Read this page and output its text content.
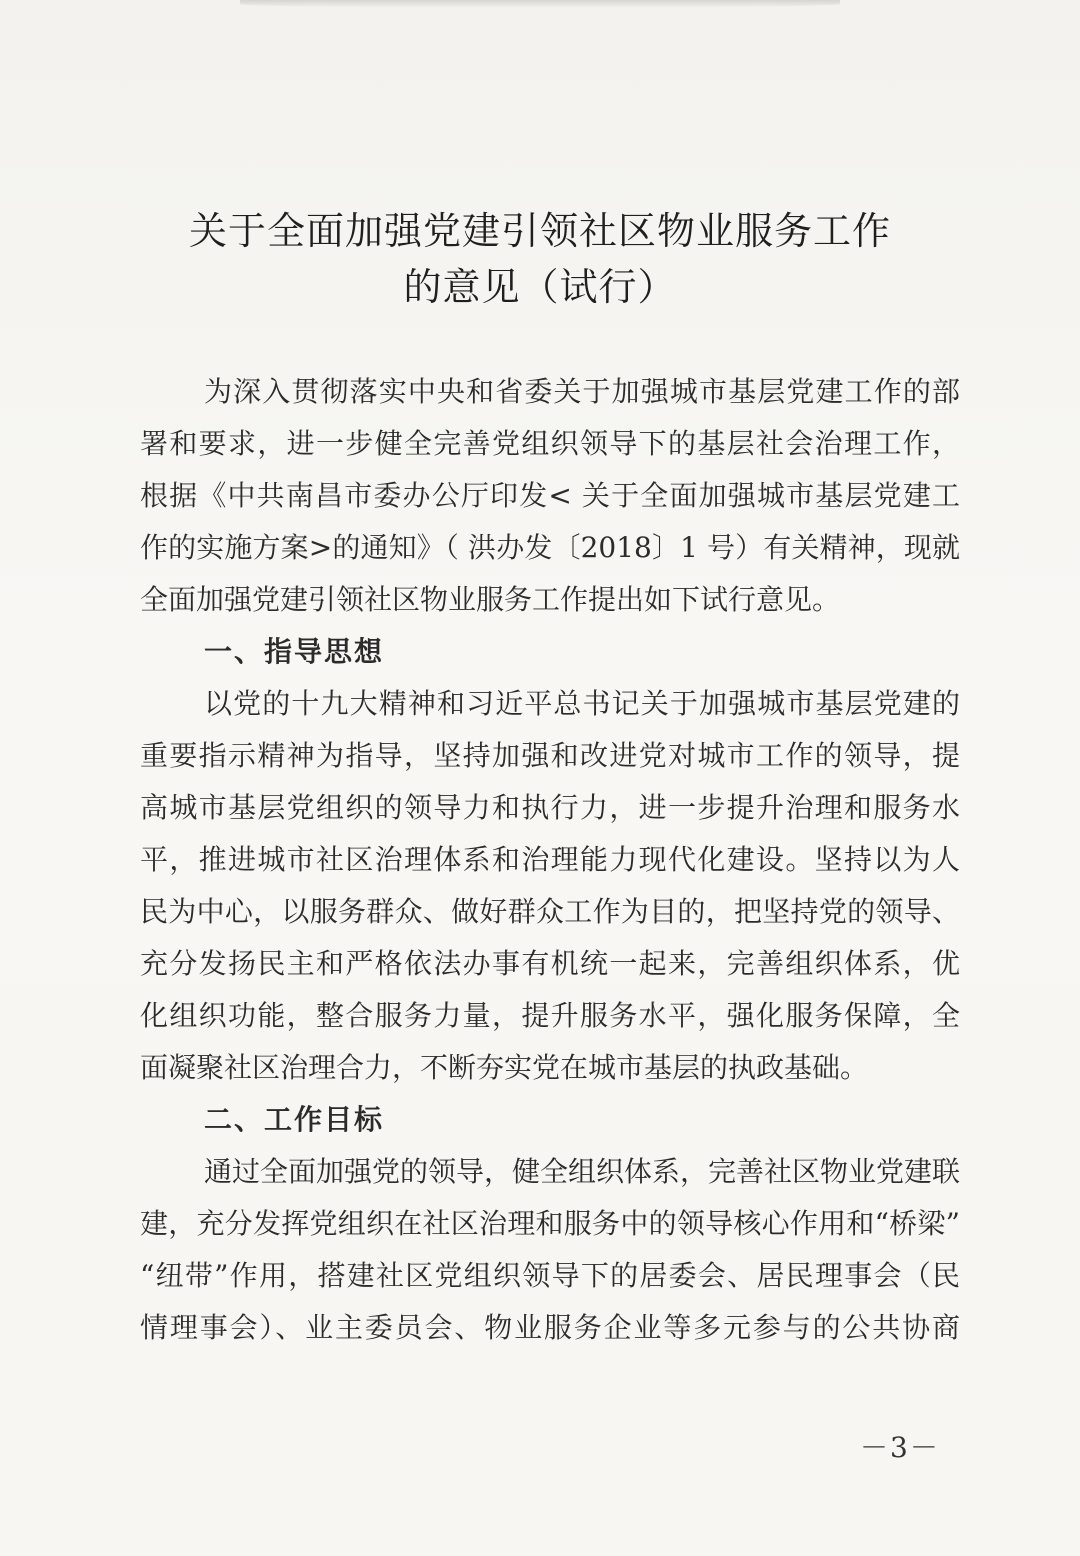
关于全面加强党建引领社区物业服务工作
的意见（试行）
为深入贯彻落实中央和省委关于加强城市基层党建工作的部
署和要求，进一步健全完善党组织领导下的基层社会治理工作，
根据《中共南昌市委办公厅印发< 关于全面加强城市基层党建工
作的实施方案>的通知》（ 洪办发〔2018〕1 号）有关精神，现就
全面加强党建引领社区物业服务工作提出如下试行意见。
一、指导思想
以党的十九大精神和习近平总书记关于加强城市基层党建的
重要指示精神为指导，坚持加强和改进党对城市工作的领导，提
高城市基层党组织的领导力和执行力，进一步提升治理和服务水
平，推进城市社区治理体系和治理能力现代化建设。坚持以为人
民为中心，以服务群众、做好群众工作为目的，把坚持党的领导、
充分发扬民主和严格依法办事有机统一起来，完善组织体系，优
化组织功能，整合服务力量，提升服务水平，强化服务保障，全
面凝聚社区治理合力，不断夯实党在城市基层的执政基础。
二、工作目标
通过全面加强党的领导，健全组织体系，完善社区物业党建联
建，充分发挥党组织在社区治理和服务中的领导核心作用和“桥梁”
“纽带”作用，搭建社区党组织领导下的居委会、居民理事会（民
情理事会）、业主委员会、物业服务企业等多元参与的公共协商
－3－
